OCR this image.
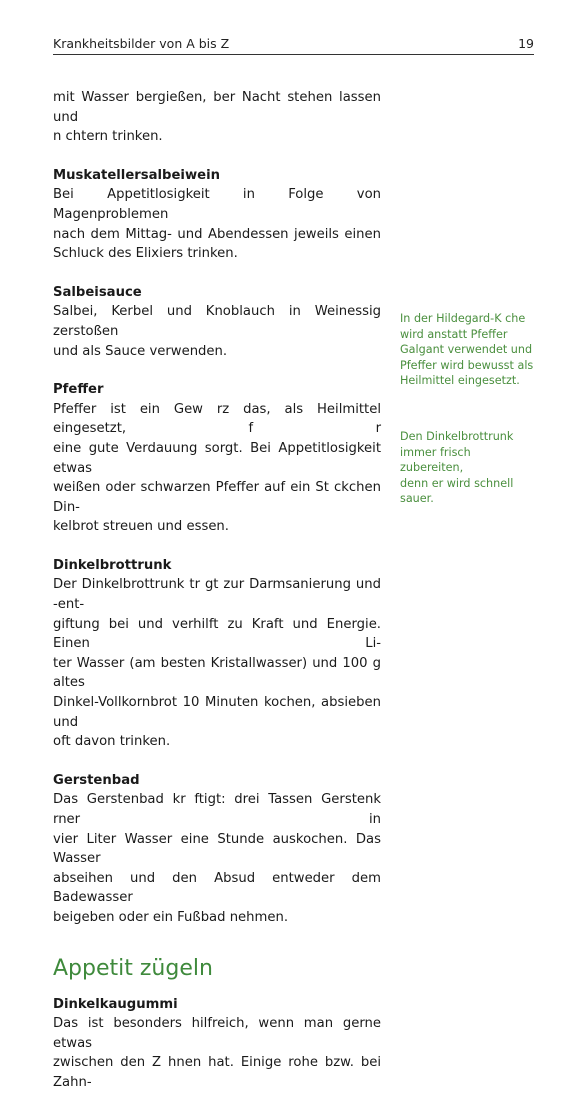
Krankheitsbilder von A bis Z	19
mit Wasser bergießen, ber Nacht stehen lassen und
n chtern trinken.
Muskatellersalbeiwein
Bei Appetitlosigkeit in Folge von Magenproblemen
nach dem Mittag- und Abendessen jeweils einen
Schluck des Elixiers trinken.
Salbeisauce
Salbei, Kerbel und Knoblauch in Weinessig zerstoßen
und als Sauce verwenden.
Pfeffer
Pfeffer ist ein Gew rz das, als Heilmittel eingesetzt, f r
eine gute Verdauung sorgt. Bei Appetitlosigkeit etwas
weißen oder schwarzen Pfeffer auf ein St ckchen Din-
kelbrot streuen und essen.
Dinkelbrottrunk
Der Dinkelbrottrunk tr gt zur Darmsanierung und -ent-
giftung bei und verhilft zu Kraft und Energie. Einen Li-
ter Wasser (am besten Kristallwasser) und 100 g altes
Dinkel-Vollkornbrot 10 Minuten kochen, absieben und
oft davon trinken.
Gerstenbad
Das Gerstenbad kr ftigt: drei Tassen Gerstenk rner in
vier Liter Wasser eine Stunde auskochen. Das Wasser
abseihen und den Absud entweder dem Badewasser
beigeben oder ein Fußbad nehmen.
Appetit zügeln
Dinkelkaugummi
Das ist besonders hilfreich, wenn man gerne etwas
zwischen den Z hnen hat. Einige rohe bzw. bei Zahn-
In der Hildegard-K che
wird anstatt Pfeffer
Galgant verwendet und
Pfeffer wird bewusst als
Heilmittel eingesetzt.
Den Dinkelbrottrunk
immer frisch zubereiten,
denn er wird schnell
sauer.
